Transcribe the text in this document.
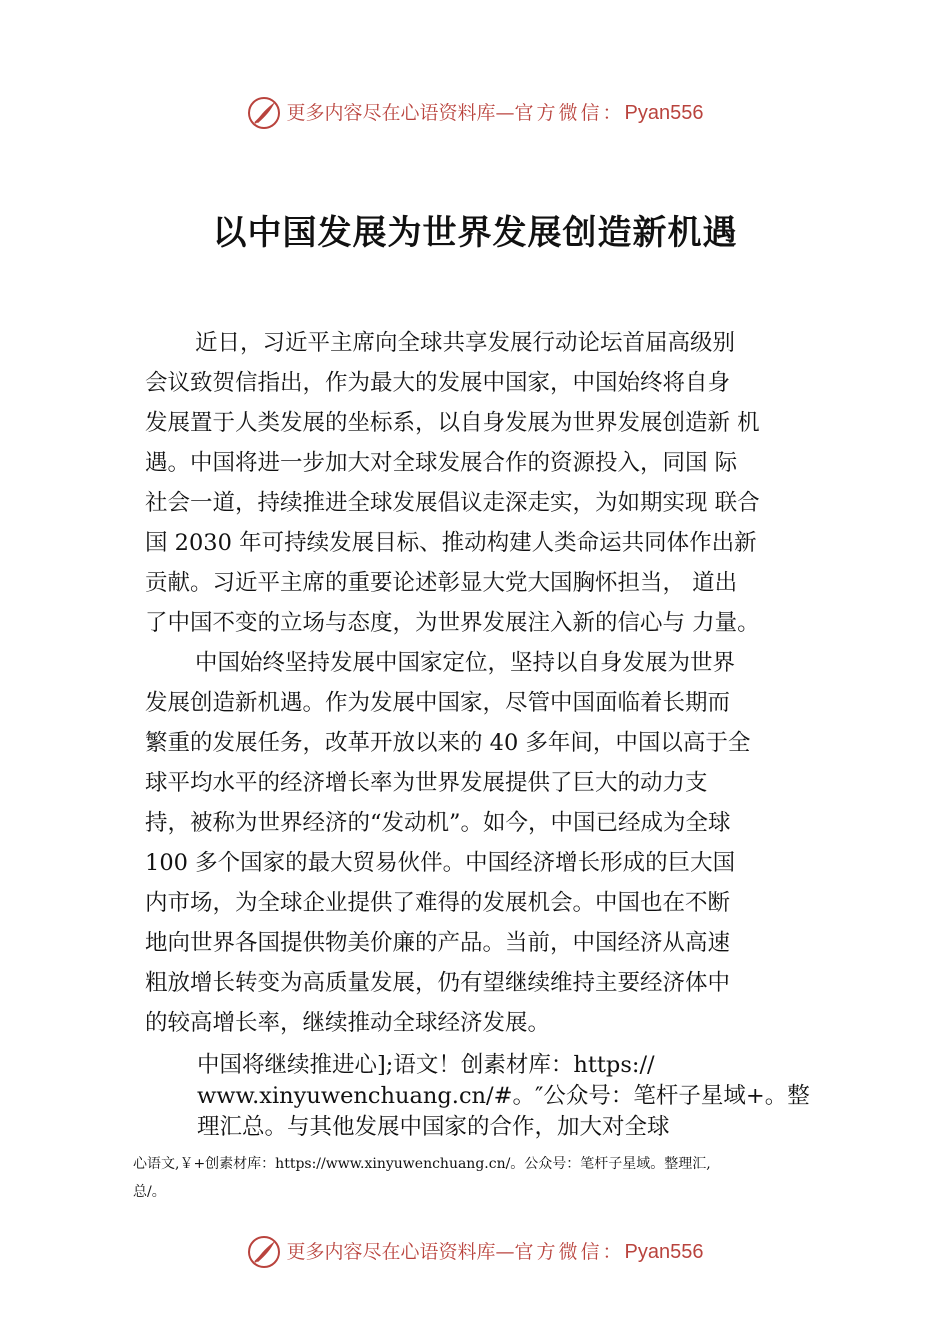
更多内容尽在心语资料库 — 官方微信： Pyan556
以中国发展为世界发展创造新机遇
近日，习近平主席向全球共享发展行动论坛首届高级别
会议致贺信指出，作为最大的发展中国家，中国始终将自身
发展置于人类发展的坐标系，以自身发展为世界发展创造新 机
遇。中国将进一步加大对全球发展合作的资源投入，同国 际
社会一道，持续推进全球发展倡议走深走实，为如期实现 联合
国 2030 年可持续发展目标、推动构建人类命运共同体作出新
贡献。习近平主席的重要论述彰显大党大国胸怀担当， 道出
了中国不变的立场与态度，为世界发展注入新的信心与 力量。
中国始终坚持发展中国家定位，坚持以自身发展为世界
发展创造新机遇。作为发展中国家，尽管中国面临着长期而
繁重的发展任务，改革开放以来的 40 多年间，中国以高于全
球平均水平的经济增长率为世界发展提供了巨大的动力支
持，被称为世界经济的“发动机”。如今，中国已经成为全球
100 多个国家的最大贸易伙伴。中国经济增长形成的巨大国
内市场，为全球企业提供了难得的发展机会。中国也在不断
地向世界各国提供物美价廉的产品。当前，中国经济从高速
粗放增长转变为高质量发展，仍有望继续维持主要经济体中
的较高增长率，继续推动全球经济发展。
中国将继续推进心];语文！创素材库：https://
www.xinyuwenchuang.cn/#。″公众号：笔杆子星域+。整
理汇总。与其他发展中国家的合作，加大对全球
心语文,￥+创素材库：https://www.xinyuwenchuang.cn/。公众号：笔杆子星域。整理汇,
总/。
更多内容尽在心语资料库 — 官方微信： Pyan556
